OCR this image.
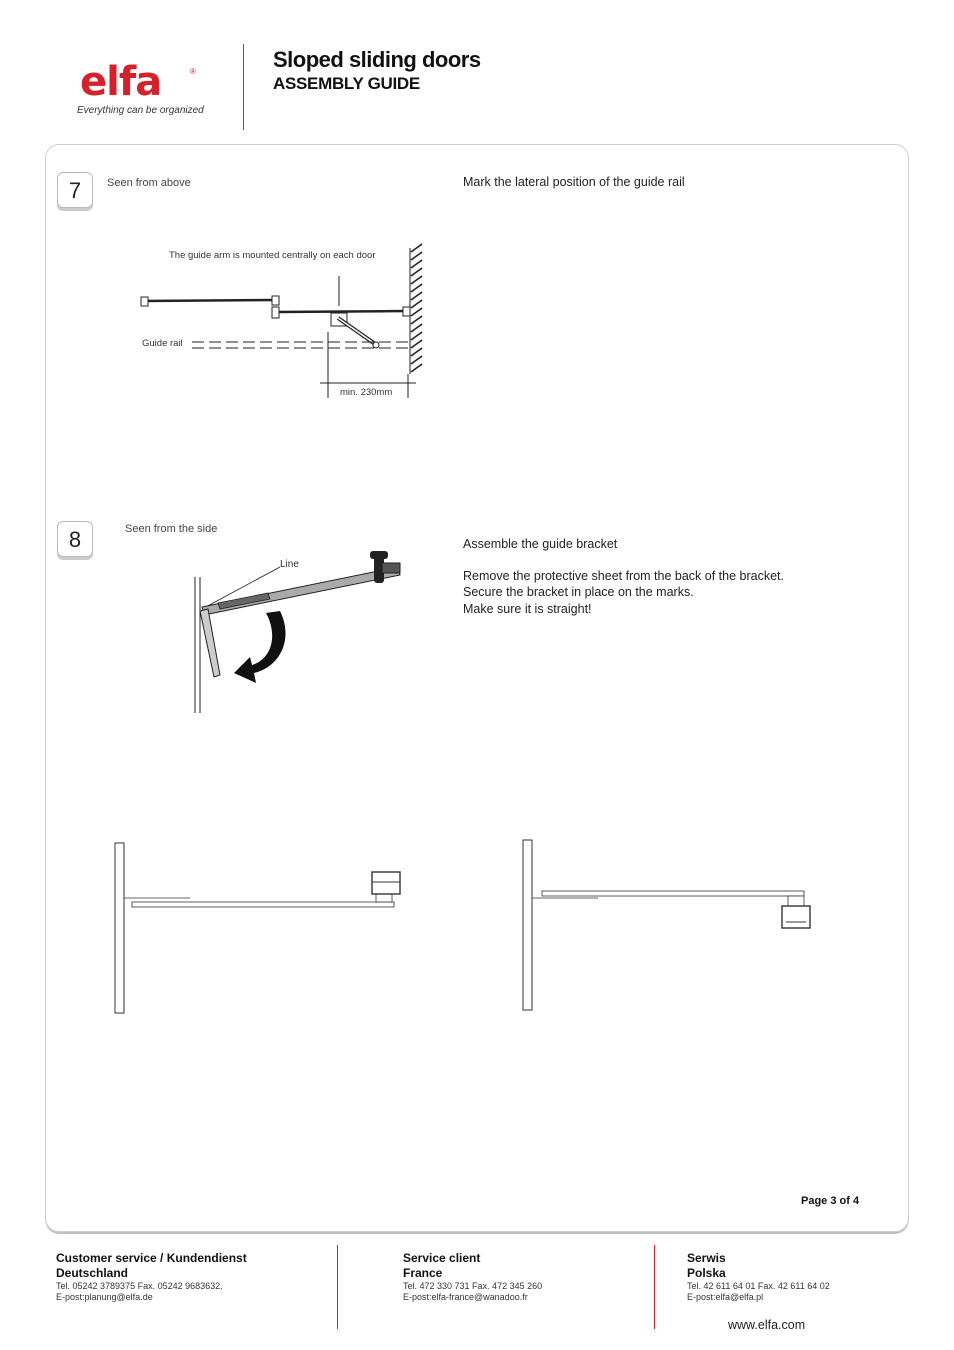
elfa	®
Everything can be organized
Sloped sliding doors
ASSEMBLY GUIDE
7	Seen from above	Mark the lateral position of the guide rail
The guide arm is mounted centrally on each door
Guide rail
min. 230mm
8	Seen from the side
Line
Assemble the guide bracket
Remove the protective sheet from the back of the bracket.
Secure the bracket in place on the marks.
Make sure it is straight!
Page 3 of 4
Customer service / Kundendienst
Deutschland
Tel. 05242 3789375 Fax. 05242 9683632.
E-post:planung@elfa.de
Service client
France
Tel. 472 330 731 Fax. 472 345 260
E-post:elfa-france@wanadoo.fr
Serwis
Polska
Tel. 42 611 64 01 Fax. 42 611 64 02
E-post:elfa@elfa.pl
www.elfa.com
